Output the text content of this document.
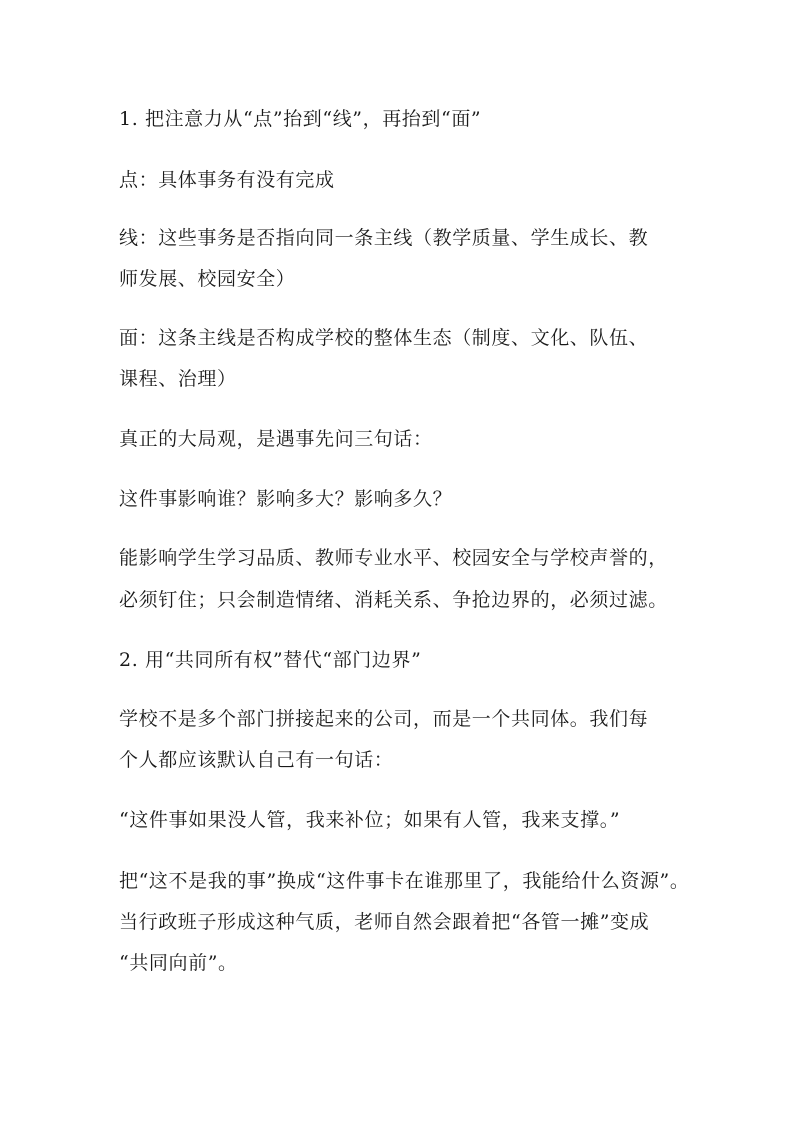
1. 把注意力从“点”抬到“线”，再抬到“面”
点：具体事务有没有完成
线：这些事务是否指向同一条主线（教学质量、学生成长、教
师发展、校园安全）
面：这条主线是否构成学校的整体生态（制度、文化、队伍、
课程、治理）
真正的大局观，是遇事先问三句话：
这件事影响谁？影响多大？影响多久？
能影响学生学习品质、教师专业水平、校园安全与学校声誉的，
必须钉住；只会制造情绪、消耗关系、争抢边界的，必须过滤。
2. 用“共同所有权”替代“部门边界”
学校不是多个部门拼接起来的公司，而是一个共同体。我们每
个人都应该默认自己有一句话：
“这件事如果没人管，我来补位；如果有人管，我来支撑。”
把“这不是我的事”换成“这件事卡在谁那里了，我能给什么资源”。
当行政班子形成这种气质，老师自然会跟着把“各管一摊”变成
“共同向前”。
